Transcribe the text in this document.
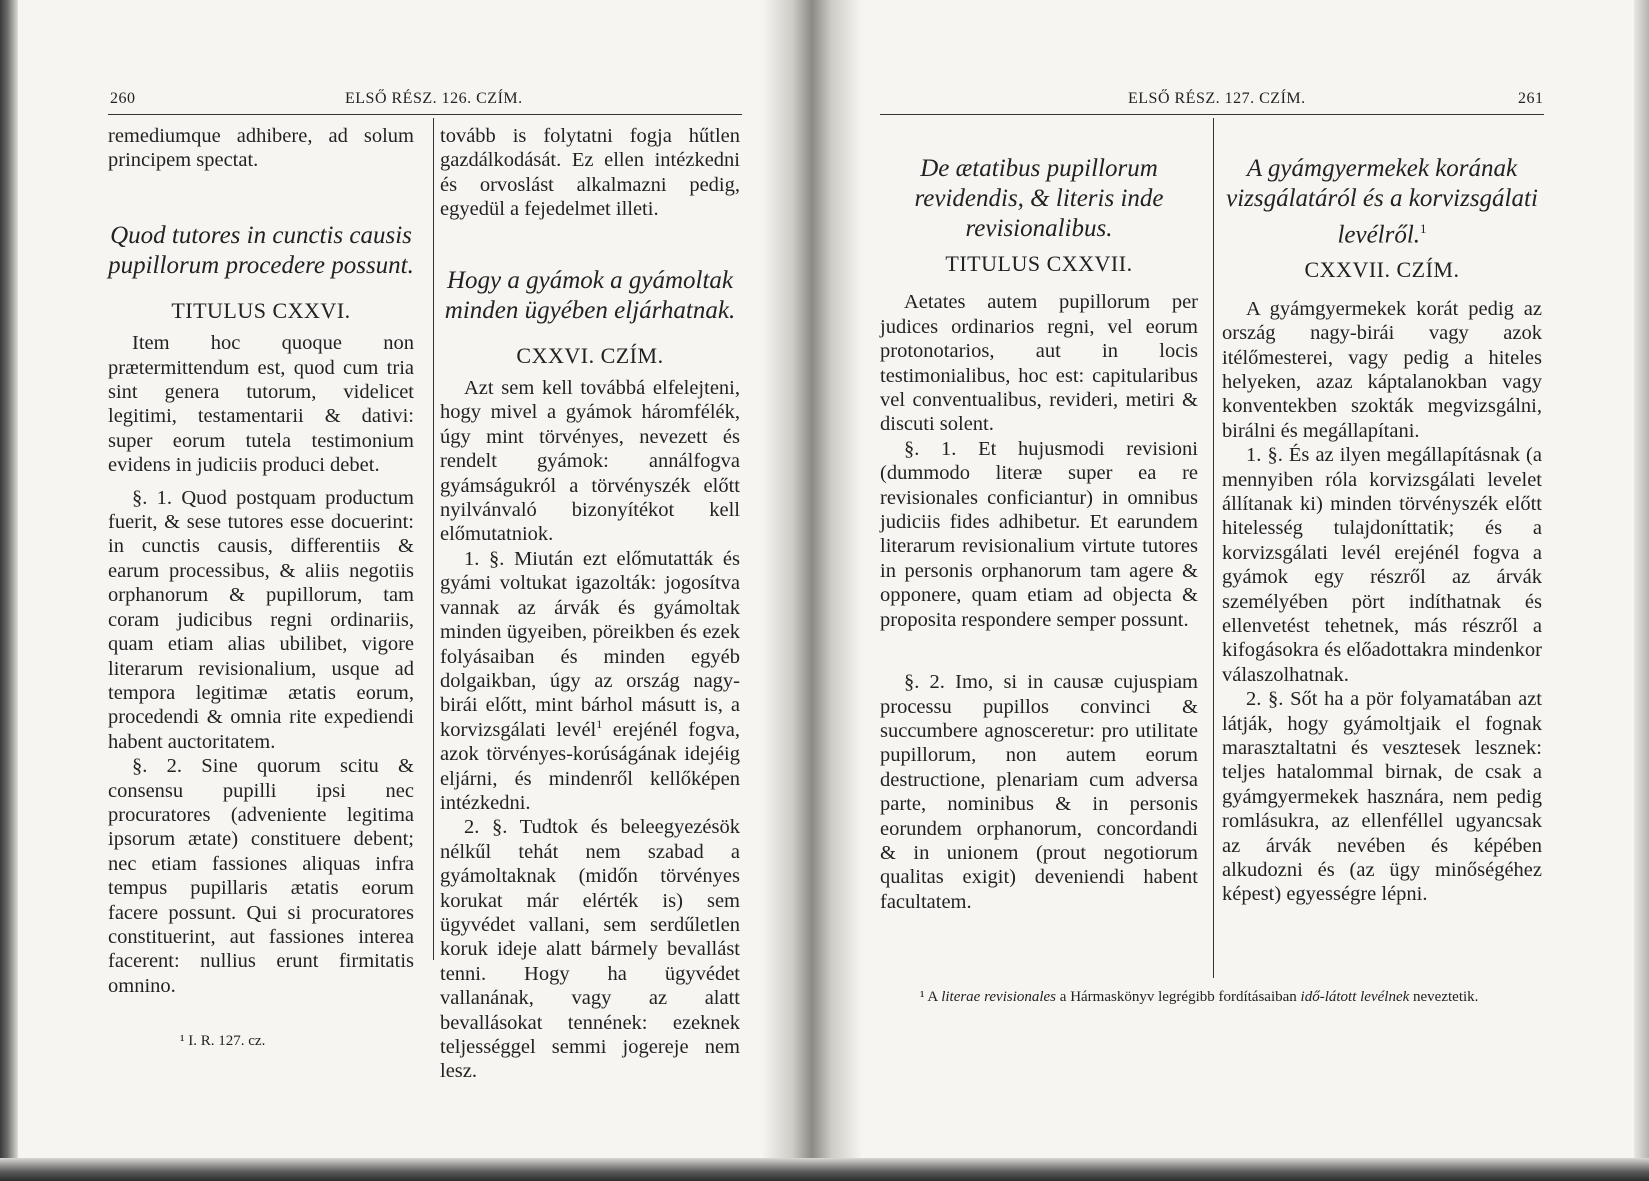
260	ELSŐ RÉSZ. 126. CZÍM.

remediumque adhibere, ad solum principem spectat.

Quod tutores in cunctis causis pupillorum procedere possunt.

TITULUS CXXVI.

Item hoc quoque non prætermittendum est, quod cum tria sint genera tutorum, videlicet legitimi, testamentarii & dativi: super eorum tutela testimonium evidens in judiciis produci debet.

§. 1. Quod postquam productum fuerit, & sese tutores esse docuerint: in cunctis causis, differentiis & earum processibus, & aliis negotiis orphanorum & pupillorum, tam coram judicibus regni ordinariis, quam etiam alias ubilibet, vigore literarum revisionalium, usque ad tempora legitimæ ætatis eorum, procedendi & omnia rite expediendi habent auctoritatem.

§. 2. Sine quorum scitu & consensu pupilli ipsi nec procuratores (adveniente legitima ipsorum ætate) constituere debent; nec etiam fassiones aliquas infra tempus pupillaris ætatis eorum facere possunt. Qui si procuratores constituerint, aut fassiones interea facerent: nullius erunt firmitatis omnino.

tovább is folytatni fogja hűtlen gazdálkodását. Ez ellen intézkedni és orvoslást alkalmazni pedig, egyedül a fejedelmet illeti.

Hogy a gyámok a gyámoltak minden ügyében eljárhatnak.

CXXVI. CZÍM.

Azt sem kell továbbá elfelejteni, hogy mivel a gyámok háromfélék, úgy mint törvényes, nevezett és rendelt gyámok: annálfogva gyámságukról a törvényszék előtt nyilvánvaló bizonyítékot kell előmutatniok.

1. §. Miután ezt előmutatták és gyámi voltukat igazolták: jogosítva vannak az árvák és gyámoltak minden ügyeiben, pöreikben és ezek folyásaiban és minden egyéb dolgaikban, úgy az ország nagy-birái előtt, mint bárhol másutt is, a korvizsgálati levél$^1$ erejénél fogva, azok törvényes-korúságának idejéig eljárni, és mindenről kellőképen intézkedni.

2. §. Tudtok és beleegyezésök nélkűl tehát nem szabad a gyámoltaknak (midőn törvényes korukat már elérték is) sem ügyvédet vallani, sem serdűletlen koruk ideje alatt bármely bevallást tenni. Hogy ha ügyvédet vallanának, vagy az alatt bevallásokat tennének: ezeknek teljességgel semmi jogereje nem lesz.

¹ I. R. 127. cz.
ELSŐ RÉSZ. 127. CZÍM.	261

De ætatibus pupillorum revidendis, & literis inde revisionalibus.

TITULUS CXXVII.

Aetates autem pupillorum per judices ordinarios regni, vel eorum protonotarios, aut in locis testimonialibus, hoc est: capitularibus vel conventualibus, revideri, metiri & discuti solent.

§. 1. Et hujusmodi revisioni (dummodo literæ super ea re revisionales conficiantur) in omnibus judiciis fides adhibetur. Et earundem literarum revisionalium virtute tutores in personis orphanorum tam agere & opponere, quam etiam ad objecta & proposita respondere semper possunt.

§. 2. Imo, si in causæ cujuspiam processu pupillos convinci & succumbere agnosceretur: pro utilitate pupillorum, non autem eorum destructione, plenariam cum adversa parte, nominibus & in personis eorundem orphanorum, concordandi & in unionem (prout negotiorum qualitas exigit) deveniendi habent facultatem.

A gyámgyermekek korának vizsgálatáról és a korvizsgálati levélről.$^1$

CXXVII. CZÍM.

A gyámgyermekek korát pedig az ország nagy-birái vagy azok itélőmesterei, vagy pedig a hiteles helyeken, azaz káptalanokban vagy konventekben szokták megvizsgálni, birálni és megállapítani.

1. §. És az ilyen megállapításnak (a mennyiben róla korvizsgálati levelet állítanak ki) minden törvényszék előtt hitelesség tulajdoníttatik; és a korvizsgálati levél erejénél fogva a gyámok egy részről az árvák személyében pört indíthatnak és ellenvetést tehetnek, más részről a kifogásokra és előadottakra mindenkor válaszolhatnak.

2. §. Sőt ha a pör folyamatában azt látják, hogy gyámoltjaik el fognak marasztaltatni és vesztesek lesznek: teljes hatalommal birnak, de csak a gyámgyermekek hasznára, nem pedig romlásukra, az ellenféllel ugyancsak az árvák nevében és képében alkudozni és (az ügy minőségéhez képest) egyességre lépni.

¹ A literae revisionales a Hármaskönyv legrégibb fordításaiban idő-látott levélnek neveztetik.
